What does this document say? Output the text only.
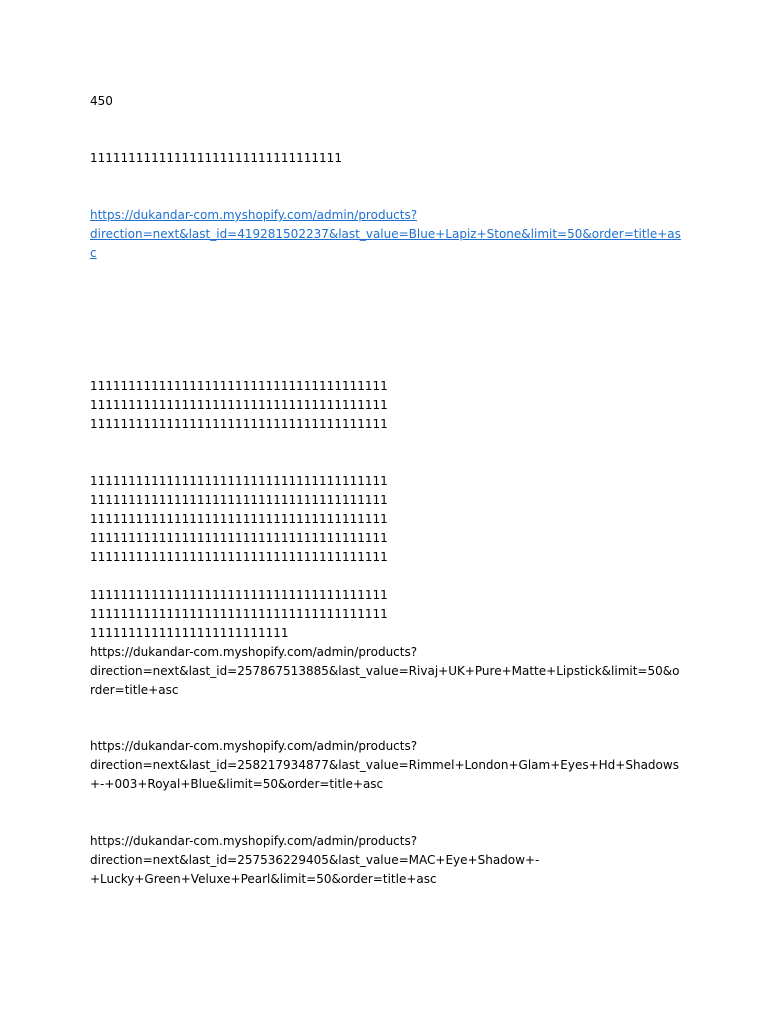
450

111111111111111111111111111111111

https://dukandar-com.myshopify.com/admin/products?
direction=next&last_id=419281502237&last_value=Blue+Lapiz+Stone&limit=50&order=title+as
c

111111111111111111111111111111111111111

111111111111111111111111111111111111111

111111111111111111111111111111111111111

111111111111111111111111111111111111111

111111111111111111111111111111111111111

111111111111111111111111111111111111111

111111111111111111111111111111111111111

111111111111111111111111111111111111111

111111111111111111111111111111111111111

111111111111111111111111111111111111111

11111111111111111111111111

https://dukandar-com.myshopify.com/admin/products?

direction=next&last_id=257867513885&last_value=Rivaj+UK+Pure+Matte+Lipstick&limit=50&o

rder=title+asc

https://dukandar-com.myshopify.com/admin/products?

direction=next&last_id=258217934877&last_value=Rimmel+London+Glam+Eyes+Hd+Shadows

+-+003+Royal+Blue&limit=50&order=title+asc

https://dukandar-com.myshopify.com/admin/products?

direction=next&last_id=257536229405&last_value=MAC+Eye+Shadow+-

+Lucky+Green+Veluxe+Pearl&limit=50&order=title+asc
